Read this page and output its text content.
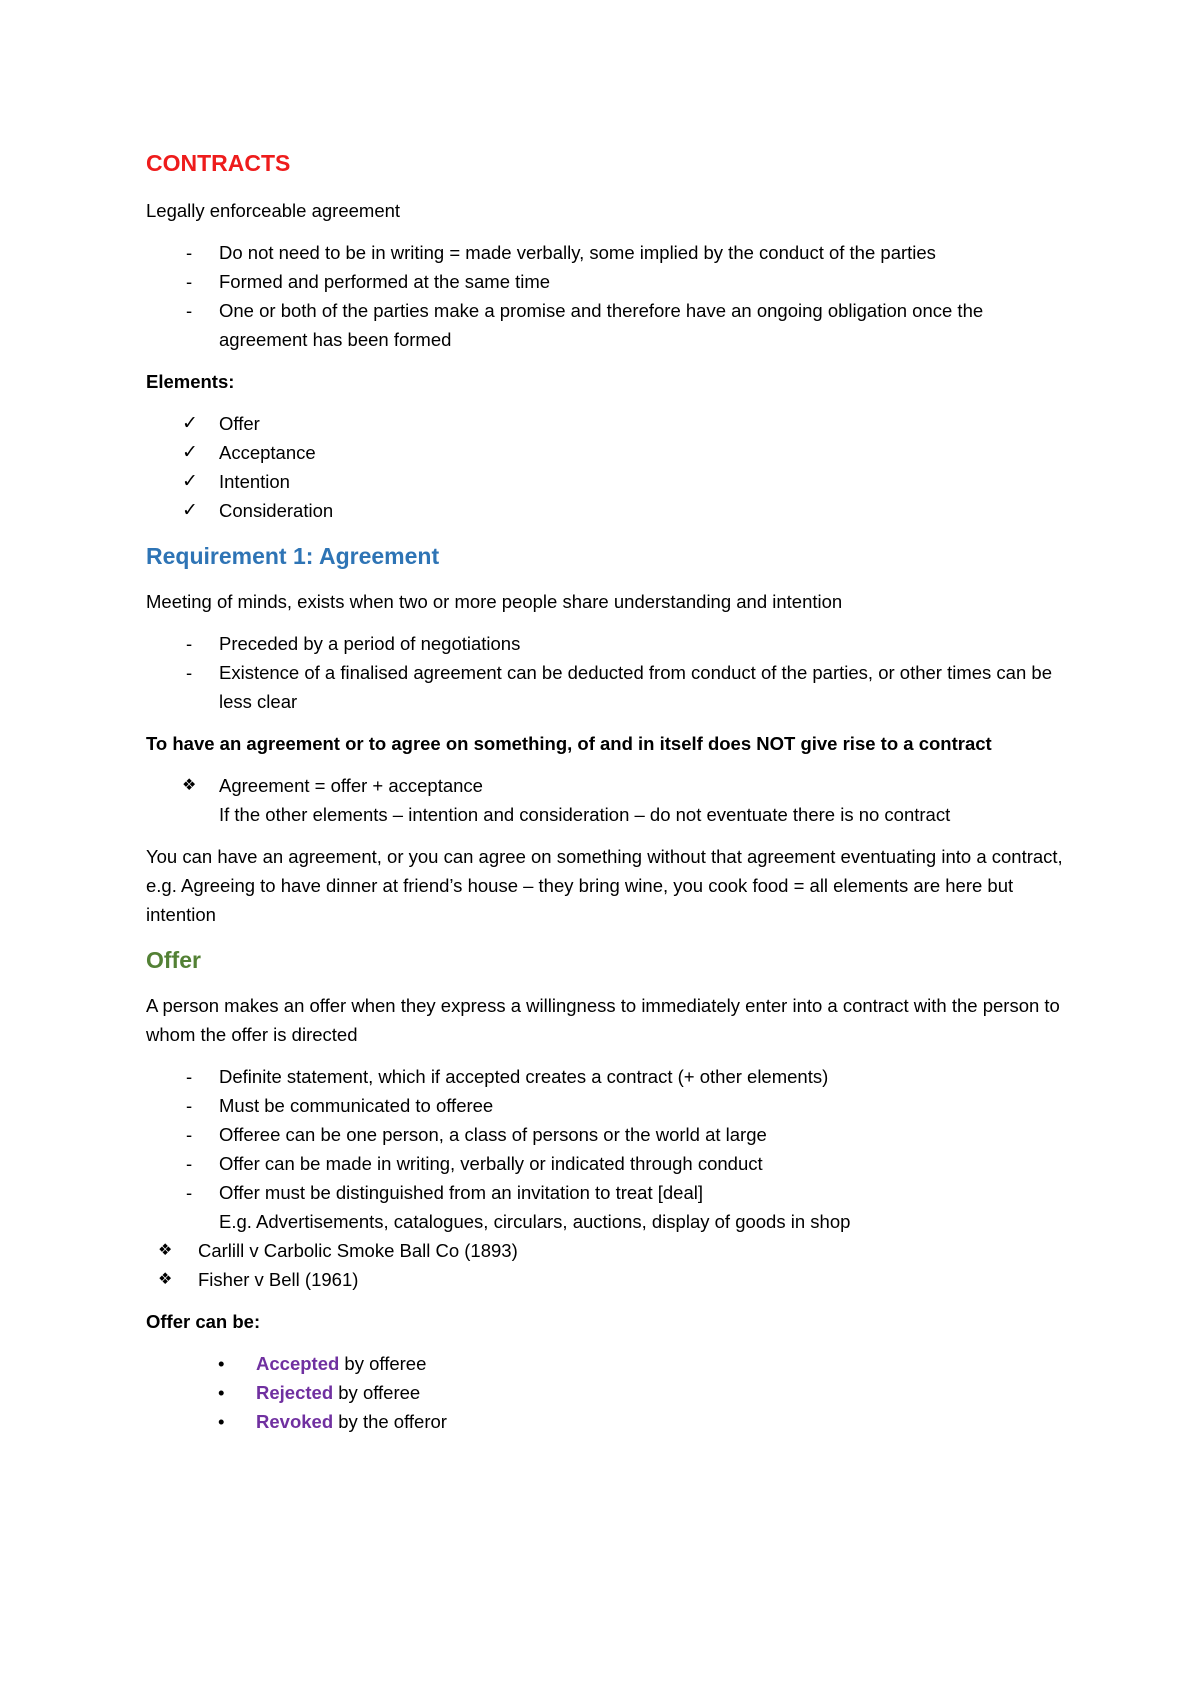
CONTRACTS

Legally enforceable agreement

- Do not need to be in writing = made verbally, some implied by the conduct of the parties
- Formed and performed at the same time
- One or both of the parties make a promise and therefore have an ongoing obligation once the agreement has been formed

Elements:

✓ Offer
✓ Acceptance
✓ Intention
✓ Consideration
Requirement 1: Agreement

Meeting of minds, exists when two or more people share understanding and intention

- Preceded by a period of negotiations
- Existence of a finalised agreement can be deducted from conduct of the parties, or other times can be less clear

To have an agreement or to agree on something, of and in itself does NOT give rise to a contract

❖ Agreement = offer + acceptance
If the other elements – intention and consideration – do not eventuate there is no contract

You can have an agreement, or you can agree on something without that agreement eventuating into a contract, e.g. Agreeing to have dinner at friend’s house – they bring wine, you cook food = all elements are here but intention

Offer

A person makes an offer when they express a willingness to immediately enter into a contract with the person to whom the offer is directed

- Definite statement, which if accepted creates a contract (+ other elements)
- Must be communicated to offeree
- Offeree can be one person, a class of persons or the world at large
- Offer can be made in writing, verbally or indicated through conduct
- Offer must be distinguished from an invitation to treat [deal]
E.g. Advertisements, catalogues, circulars, auctions, display of goods in shop
❖ Carlill v Carbolic Smoke Ball Co (1893)
❖ Fisher v Bell (1961)

Offer can be:

• Accepted by offeree
• Rejected by offeree
• Revoked by the offeror
